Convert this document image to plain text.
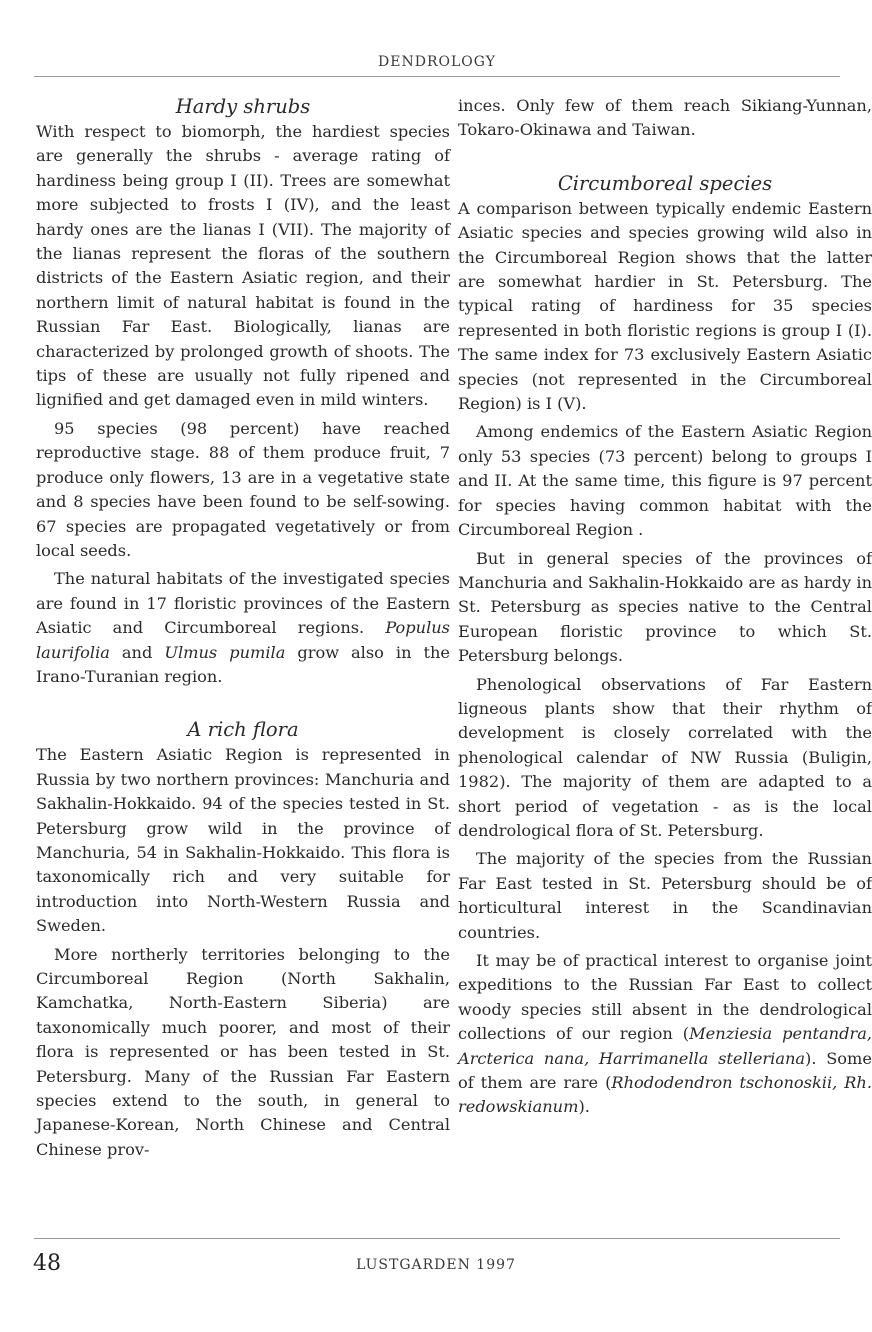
DENDROLOGY
Hardy shrubs

With respect to biomorph, the hardiest species are generally the shrubs - average rating of hardiness being group I (II). Trees are somewhat more subjected to frosts I (IV), and the least hardy ones are the lianas I (VII). The majority of the lianas represent the floras of the southern districts of the Eastern Asiatic region, and their northern limit of natural habitat is found in the Russian Far East. Biologically, lianas are characterized by prolonged growth of shoots. The tips of these are usually not fully ripened and lignified and get damaged even in mild winters.

95 species (98 percent) have reached reproductive stage. 88 of them produce fruit, 7 produce only flowers, 13 are in a vegetative state and 8 species have been found to be self-sowing. 67 species are propagated vegetatively or from local seeds.

The natural habitats of the investigated species are found in 17 floristic provinces of the Eastern Asiatic and Circumboreal regions. Populus laurifolia and Ulmus pumila grow also in the Irano-Turanian region.

A rich flora

The Eastern Asiatic Region is represented in Russia by two northern provinces: Manchuria and Sakhalin-Hokkaido. 94 of the species tested in St. Petersburg grow wild in the province of Manchuria, 54 in Sakhalin-Hokkaido. This flora is taxonomically rich and very suitable for introduction into North-Western Russia and Sweden.

More northerly territories belonging to the Circumboreal Region (North Sakhalin, Kamchatka, North-Eastern Siberia) are taxonomically much poorer, and most of their flora is represented or has been tested in St. Petersburg. Many of the Russian Far Eastern species extend to the south, in general to Japanese-Korean, North Chinese and Central Chinese prov-

inces. Only few of them reach Sikiang-Yunnan, Tokaro-Okinawa and Taiwan.

Circumboreal species

A comparison between typically endemic Eastern Asiatic species and species growing wild also in the Circumboreal Region shows that the latter are somewhat hardier in St. Petersburg. The typical rating of hardiness for 35 species represented in both floristic regions is group I (I). The same index for 73 exclusively Eastern Asiatic species (not represented in the Circumboreal Region) is I (V).

Among endemics of the Eastern Asiatic Region only 53 species (73 percent) belong to groups I and II. At the same time, this figure is 97 percent for species having common habitat with the Circumboreal Region .

But in general species of the provinces of Manchuria and Sakhalin-Hokkaido are as hardy in St. Petersburg as species native to the Central European floristic province to which St. Petersburg belongs.

Phenological observations of Far Eastern ligneous plants show that their rhythm of development is closely correlated with the phenological calendar of NW Russia (Buligin, 1982). The majority of them are adapted to a short period of vegetation - as is the local dendrological flora of St. Petersburg.

The majority of the species from the Russian Far East tested in St. Petersburg should be of horticultural interest in the Scandinavian countries.

It may be of practical interest to organise joint expeditions to the Russian Far East to collect woody species still absent in the dendrological collections of our region (Menziesia pentandra, Arcterica nana, Harrimanella stelleriana). Some of them are rare (Rhododendron tschonoskii, Rh. redowskianum).

48	LUSTGARDEN 1997
